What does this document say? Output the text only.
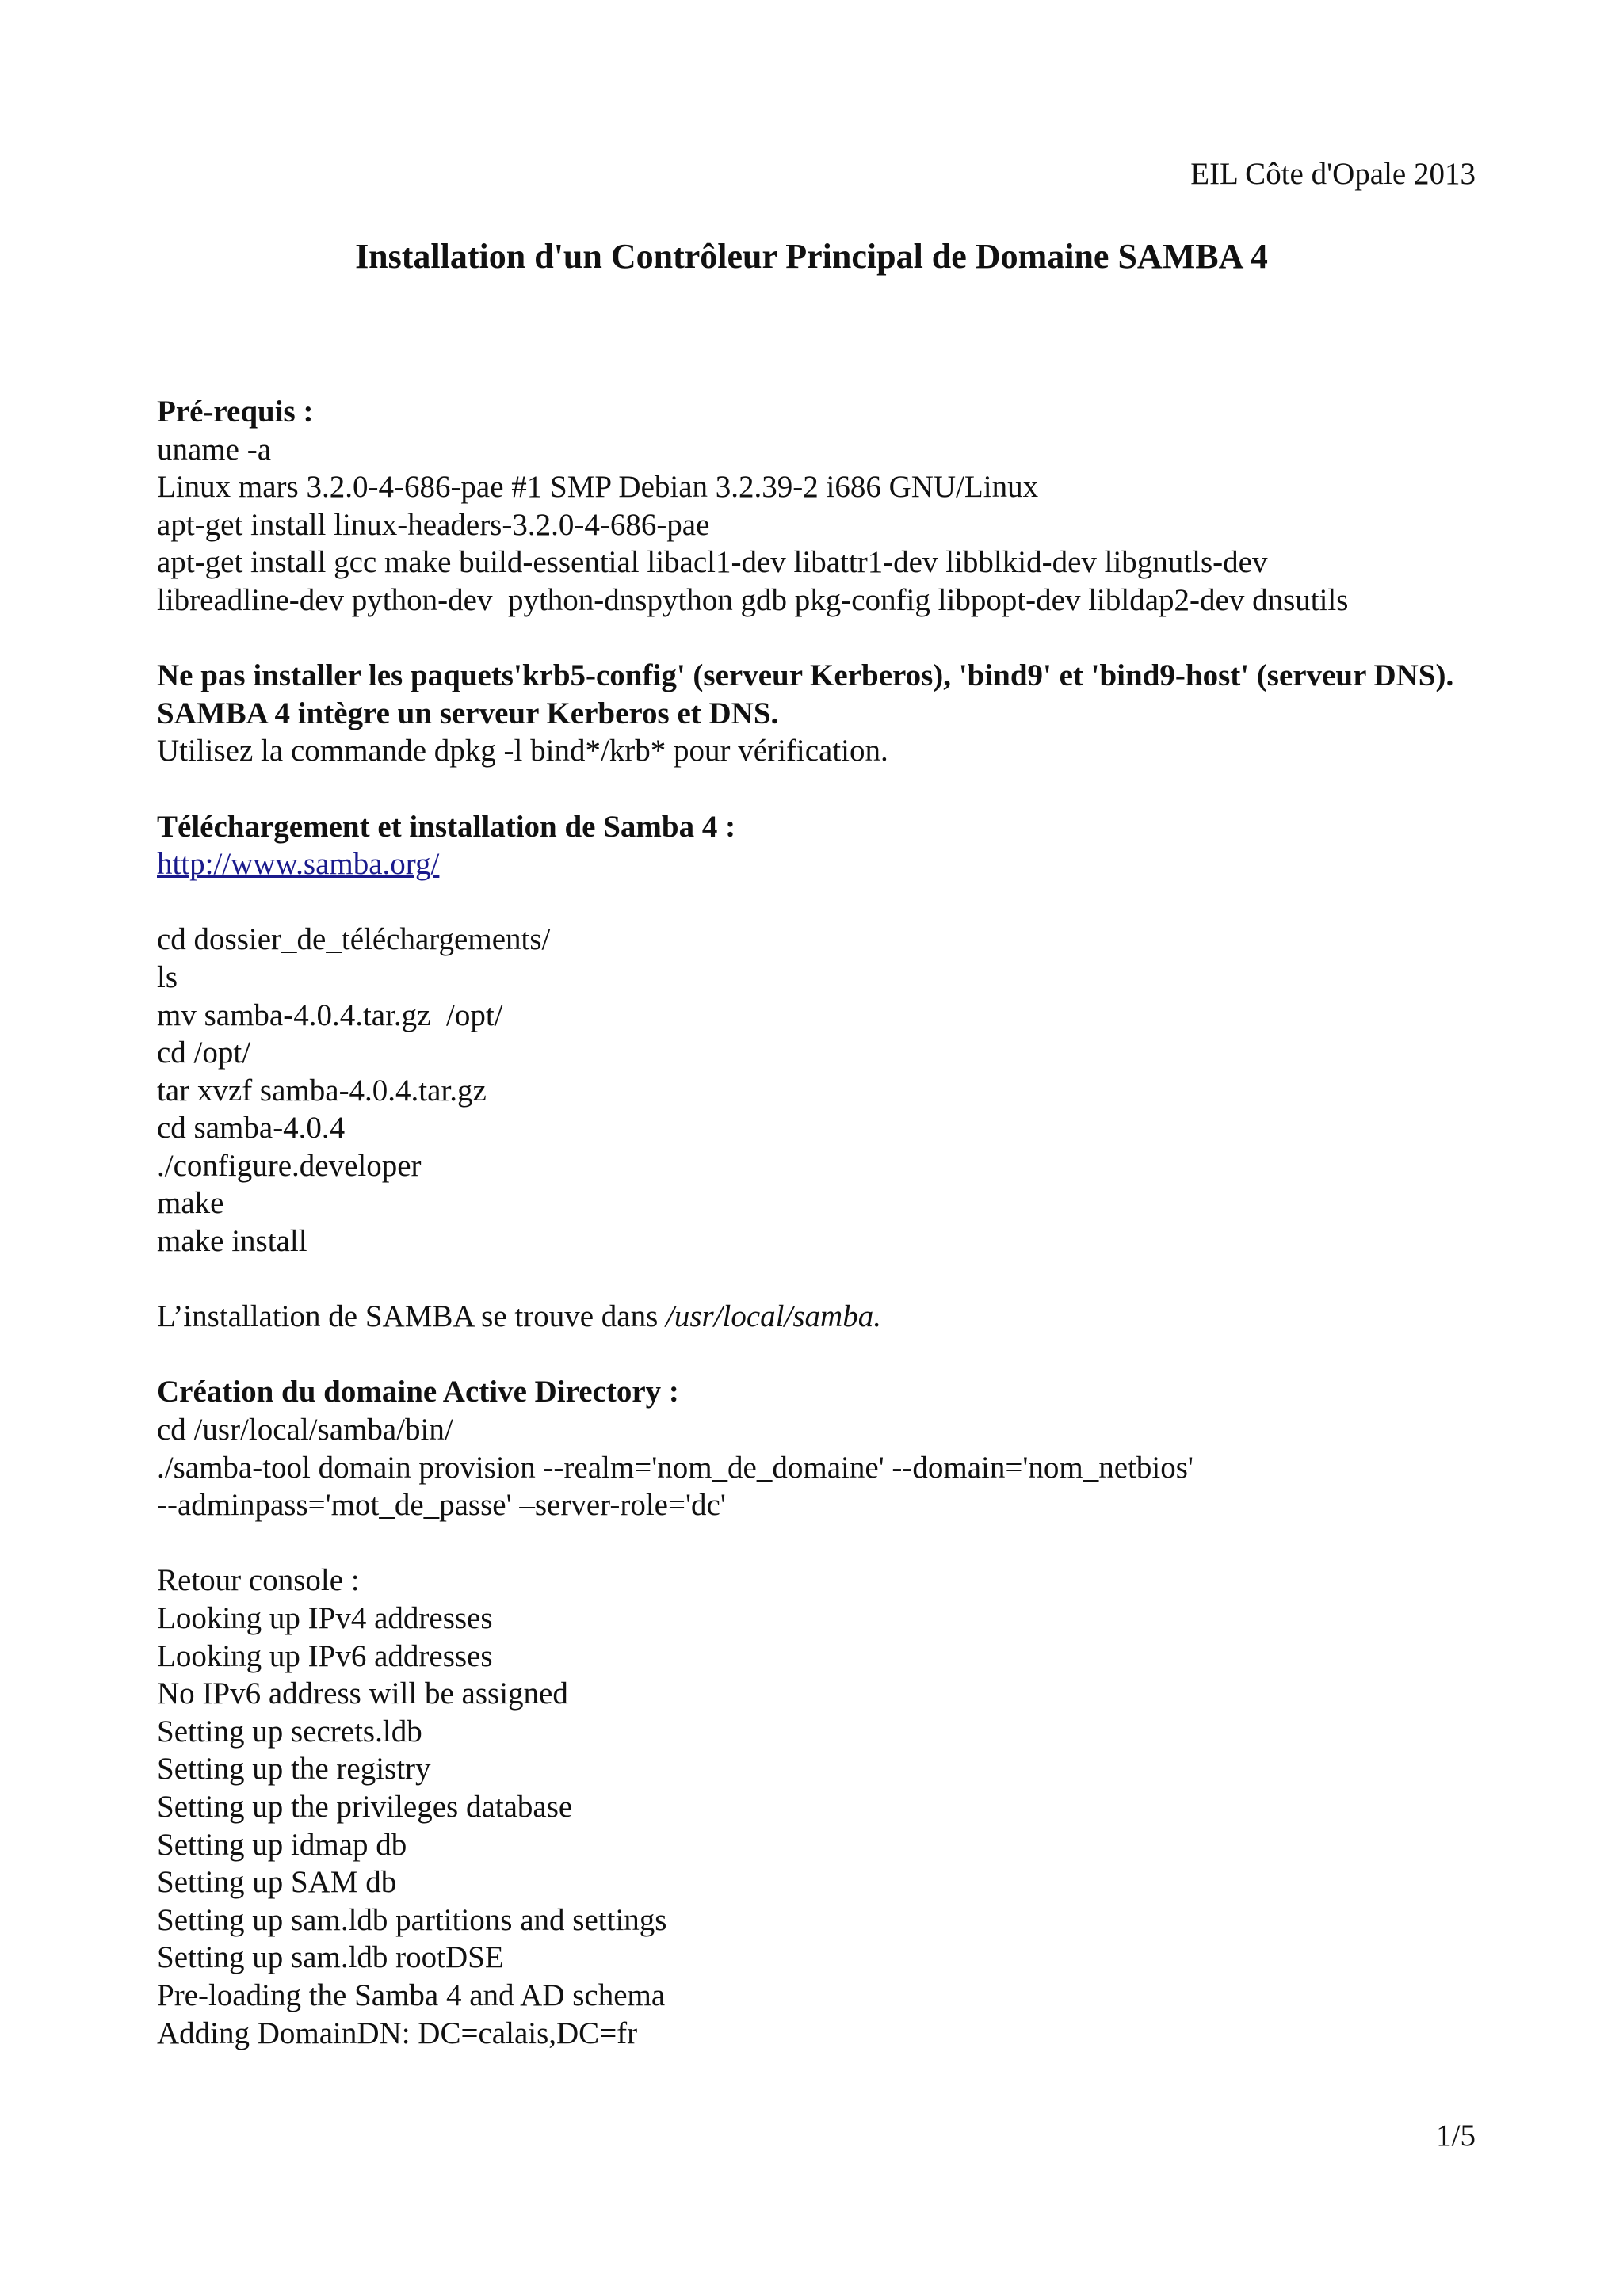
EIL Côte d'Opale 2013
Installation d'un Contrôleur Principal de Domaine SAMBA 4
Pré-requis :
uname -a
Linux mars 3.2.0-4-686-pae #1 SMP Debian 3.2.39-2 i686 GNU/Linux
apt-get install linux-headers-3.2.0-4-686-pae
apt-get install gcc make build-essential libacl1-dev libattr1-dev libblkid-dev libgnutls-dev
libreadline-dev python-dev  python-dnspython gdb pkg-config libpopt-dev libldap2-dev dnsutils
Ne pas installer les paquets'krb5-config' (serveur Kerberos), 'bind9' et 'bind9-host' (serveur DNS). SAMBA 4 intègre un serveur Kerberos et DNS.
Utilisez la commande dpkg -l bind*/krb* pour vérification.
Téléchargement et installation de Samba 4 :
http://www.samba.org/
cd dossier_de_téléchargements/
ls
mv samba-4.0.4.tar.gz  /opt/
cd /opt/
tar xvzf samba-4.0.4.tar.gz
cd samba-4.0.4
./configure.developer
make
make install
L’installation de SAMBA se trouve dans /usr/local/samba.
Création du domaine Active Directory :
cd /usr/local/samba/bin/
./samba-tool domain provision --realm='nom_de_domaine' --domain='nom_netbios'
--adminpass='mot_de_passe' –server-role='dc'
Retour console :
Looking up IPv4 addresses
Looking up IPv6 addresses
No IPv6 address will be assigned
Setting up secrets.ldb
Setting up the registry
Setting up the privileges database
Setting up idmap db
Setting up SAM db
Setting up sam.ldb partitions and settings
Setting up sam.ldb rootDSE
Pre-loading the Samba 4 and AD schema
Adding DomainDN: DC=calais,DC=fr
1/5
